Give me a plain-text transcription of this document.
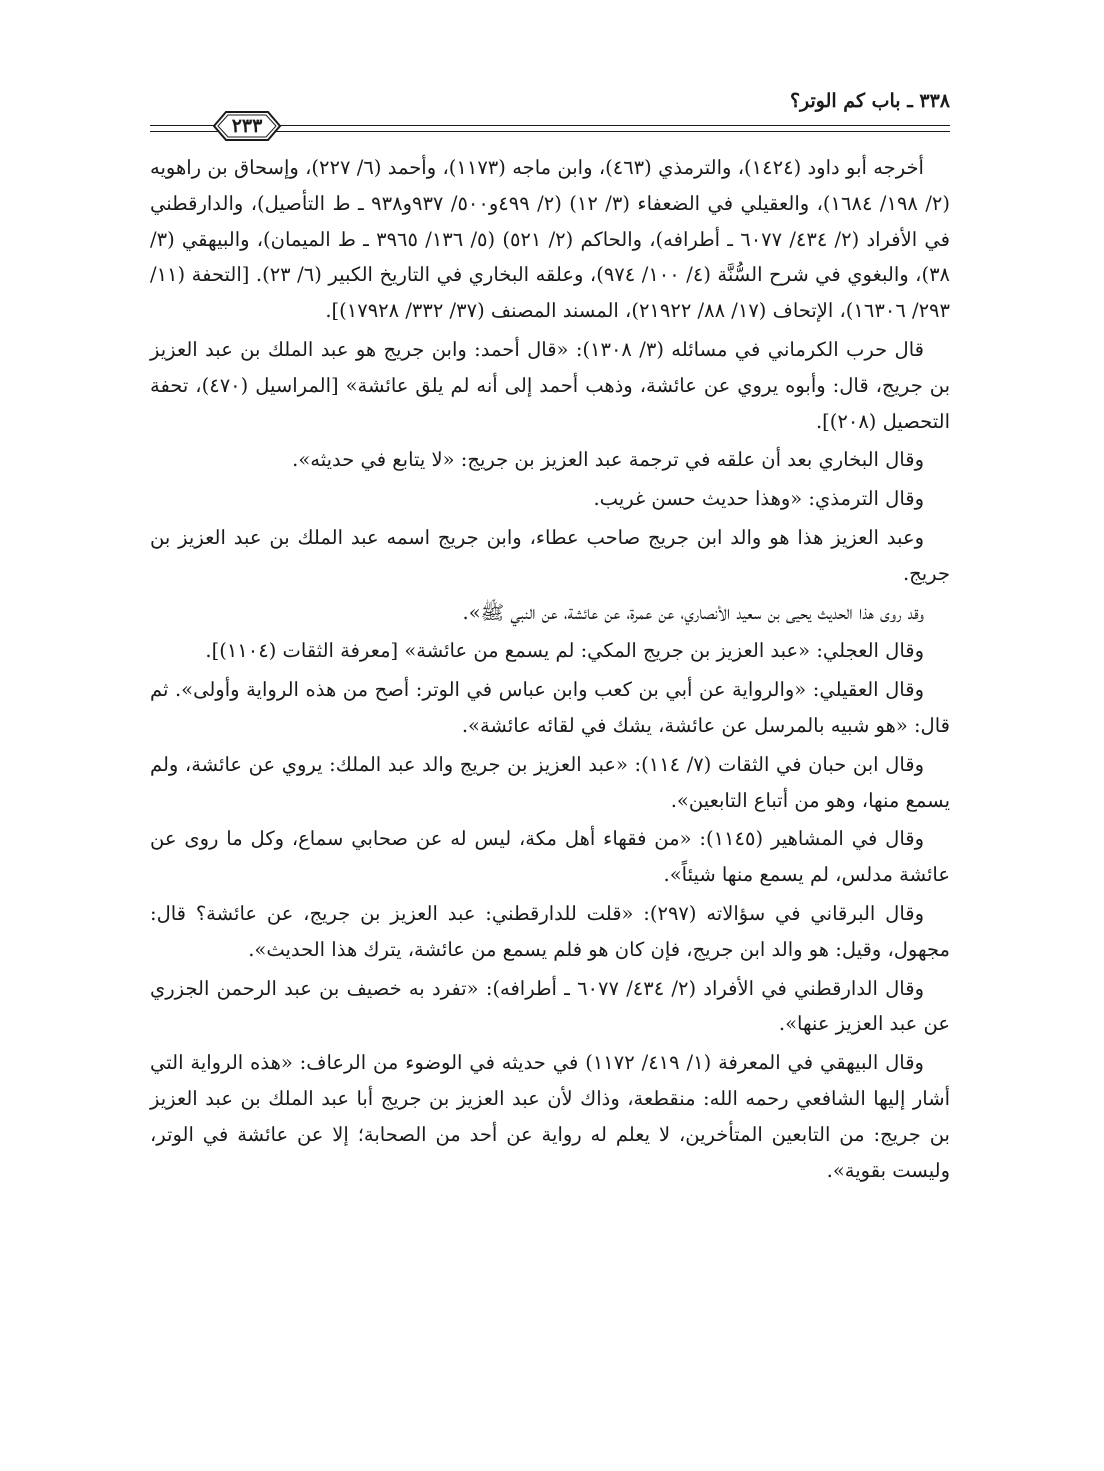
٣٣٨ ـ باب كم الوتر؟
٢٣٣

أخرجه أبو داود (١٤٢٤)، والترمذي (٤٦٣)، وابن ماجه (١١٧٣)، وأحمد (٦/ ٢٢٧)، وإسحاق بن راهويه (٢/ ١٩٨/ ١٦٨٤)، والعقيلي في الضعفاء (٣/ ١٢) (٢/ ٤٩٩و٥٠٠/ ٩٣٧و٩٣٨ ـ ط التأصيل)، والدارقطني في الأفراد (٢/ ٤٣٤/ ٦٠٧٧ ـ أطرافه)، والحاكم (٢/ ٥٢١) (٥/ ١٣٦/ ٣٩٦٥ ـ ط الميمان)، والبيهقي (٣/ ٣٨)، والبغوي في شرح السُّنَّة (٤/ ١٠٠/ ٩٧٤)، وعلقه البخاري في التاريخ الكبير (٦/ ٢٣). [التحفة (١١/ ٢٩٣/ ١٦٣٠٦)، الإتحاف (١٧/ ٨٨/ ٢١٩٢٢)، المسند المصنف (٣٧/ ٣٣٢/ ١٧٩٢٨)].

قال حرب الكرماني في مسائله (٣/ ١٣٠٨): «قال أحمد: وابن جريج هو عبد الملك بن عبد العزيز بن جريج، قال: وأبوه يروي عن عائشة، وذهب أحمد إلى أنه لم يلق عائشة» [المراسيل (٤٧٠)، تحفة التحصيل (٢٠٨)].

وقال البخاري بعد أن علقه في ترجمة عبد العزيز بن جريج: «لا يتابع في حديثه».

وقال الترمذي: «وهذا حديث حسن غريب.

وعبد العزيز هذا هو والد ابن جريج صاحب عطاء، وابن جريج اسمه عبد الملك بن عبد العزيز بن جريج.

وقد روى هذا الحديث يحيى بن سعيد الأنصاري، عن عمرة، عن عائشة، عن النبي ﷺ».

وقال العجلي: «عبد العزيز بن جريج المكي: لم يسمع من عائشة» [معرفة الثقات (١١٠٤)].

وقال العقيلي: «والرواية عن أبي بن كعب وابن عباس في الوتر: أصح من هذه الرواية وأولى». ثم قال: «هو شبيه بالمرسل عن عائشة، يشك في لقائه عائشة».

وقال ابن حبان في الثقات (٧/ ١١٤): «عبد العزيز بن جريج والد عبد الملك: يروي عن عائشة، ولم يسمع منها، وهو من أتباع التابعين».

وقال في المشاهير (١١٤٥): «من فقهاء أهل مكة، ليس له عن صحابي سماع، وكل ما روى عن عائشة مدلس، لم يسمع منها شيئاً».

وقال البرقاني في سؤالاته (٢٩٧): «قلت للدارقطني: عبد العزيز بن جريج، عن عائشة؟ قال: مجهول، وقيل: هو والد ابن جريج، فإن كان هو فلم يسمع من عائشة، يترك هذا الحديث».

وقال الدارقطني في الأفراد (٢/ ٤٣٤/ ٦٠٧٧ ـ أطرافه): «تفرد به خصيف بن عبد الرحمن الجزري عن عبد العزيز عنها».

وقال البيهقي في المعرفة (١/ ٤١٩/ ١١٧٢) في حديثه في الوضوء من الرعاف: «هذه الرواية التي أشار إليها الشافعي رحمه الله: منقطعة، وذاك لأن عبد العزيز بن جريج أبا عبد الملك بن عبد العزيز بن جريج: من التابعين المتأخرين، لا يعلم له رواية عن أحد من الصحابة؛ إلا عن عائشة في الوتر، وليست بقوية».
